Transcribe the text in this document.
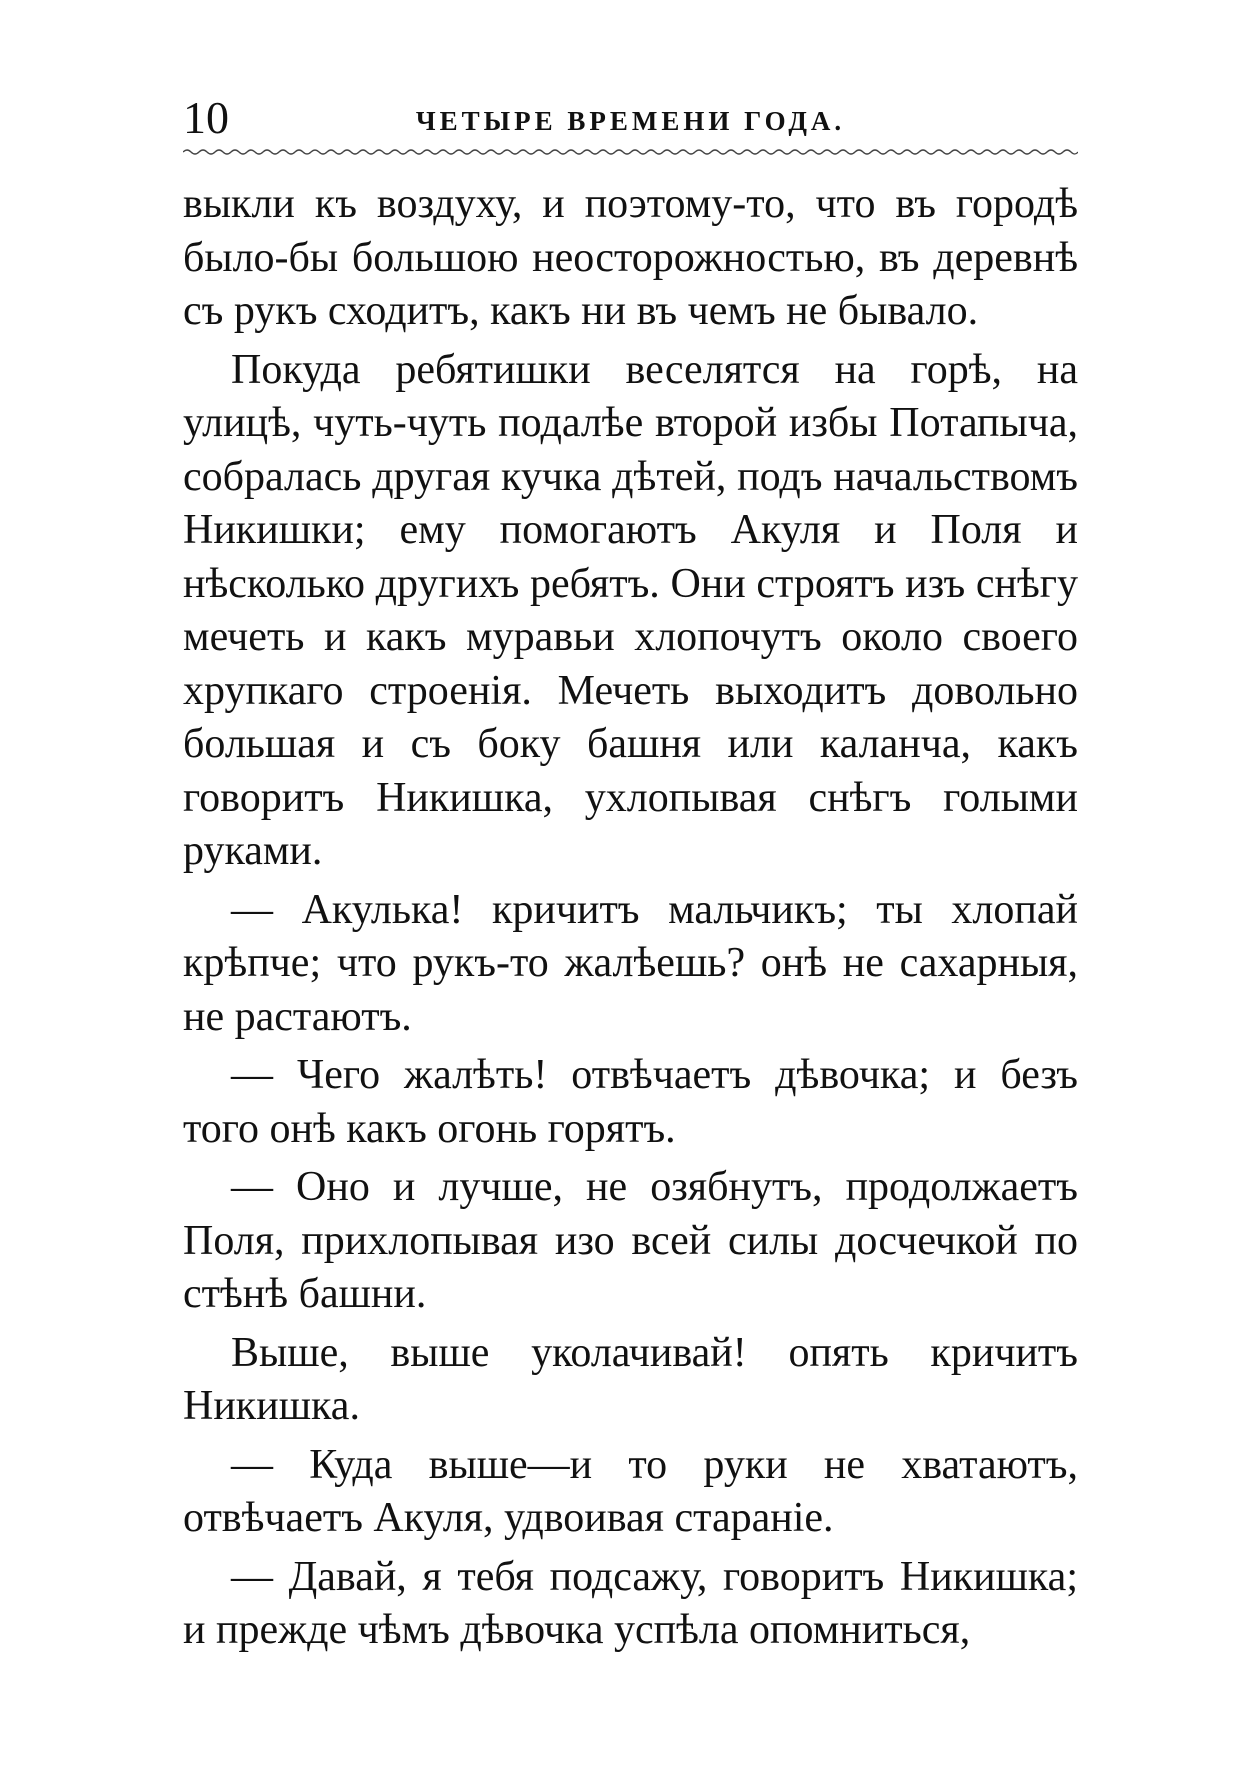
10	ЧЕТЫРЕ ВРЕМЕНИ ГОДА.

выкли къ воздуху, и поэтому-то, что въ городѣ было-бы большою неосторожностью, въ деревнѣ съ рукъ сходитъ, какъ ни въ чемъ не бывало.

Покуда ребятишки веселятся на горѣ, на улицѣ, чуть-чуть подалѣе второй избы Потапыча, собралась другая кучка дѣтей, подъ начальствомъ Никишки; ему помогаютъ Акуля и Поля и нѣсколько другихъ ребятъ. Они строятъ изъ снѣгу мечеть и какъ муравьи хлопочутъ около своего хрупкаго строенія. Мечеть выходитъ довольно большая и съ боку башня или каланча, какъ говоритъ Никишка, ухлопывая снѣгъ голыми руками.

— Акулька! кричитъ мальчикъ; ты хлопай крѣпче; что рукъ-то жалѣешь? онѣ не сахарныя, не растаютъ.

— Чего жалѣть! отвѣчаетъ дѣвочка; и безъ того онѣ какъ огонь горятъ.

— Оно и лучше, не озябнутъ, продолжаетъ Поля, прихлопывая изо всей силы досчечкой по стѣнѣ башни.

Выше, выше уколачивай! опять кричитъ Никишка.

— Куда выше—и то руки не хватаютъ, отвѣчаетъ Акуля, удвоивая стараніе.

— Давай, я тебя подсажу, говоритъ Никишка; и прежде чѣмъ дѣвочка успѣла опомниться,
